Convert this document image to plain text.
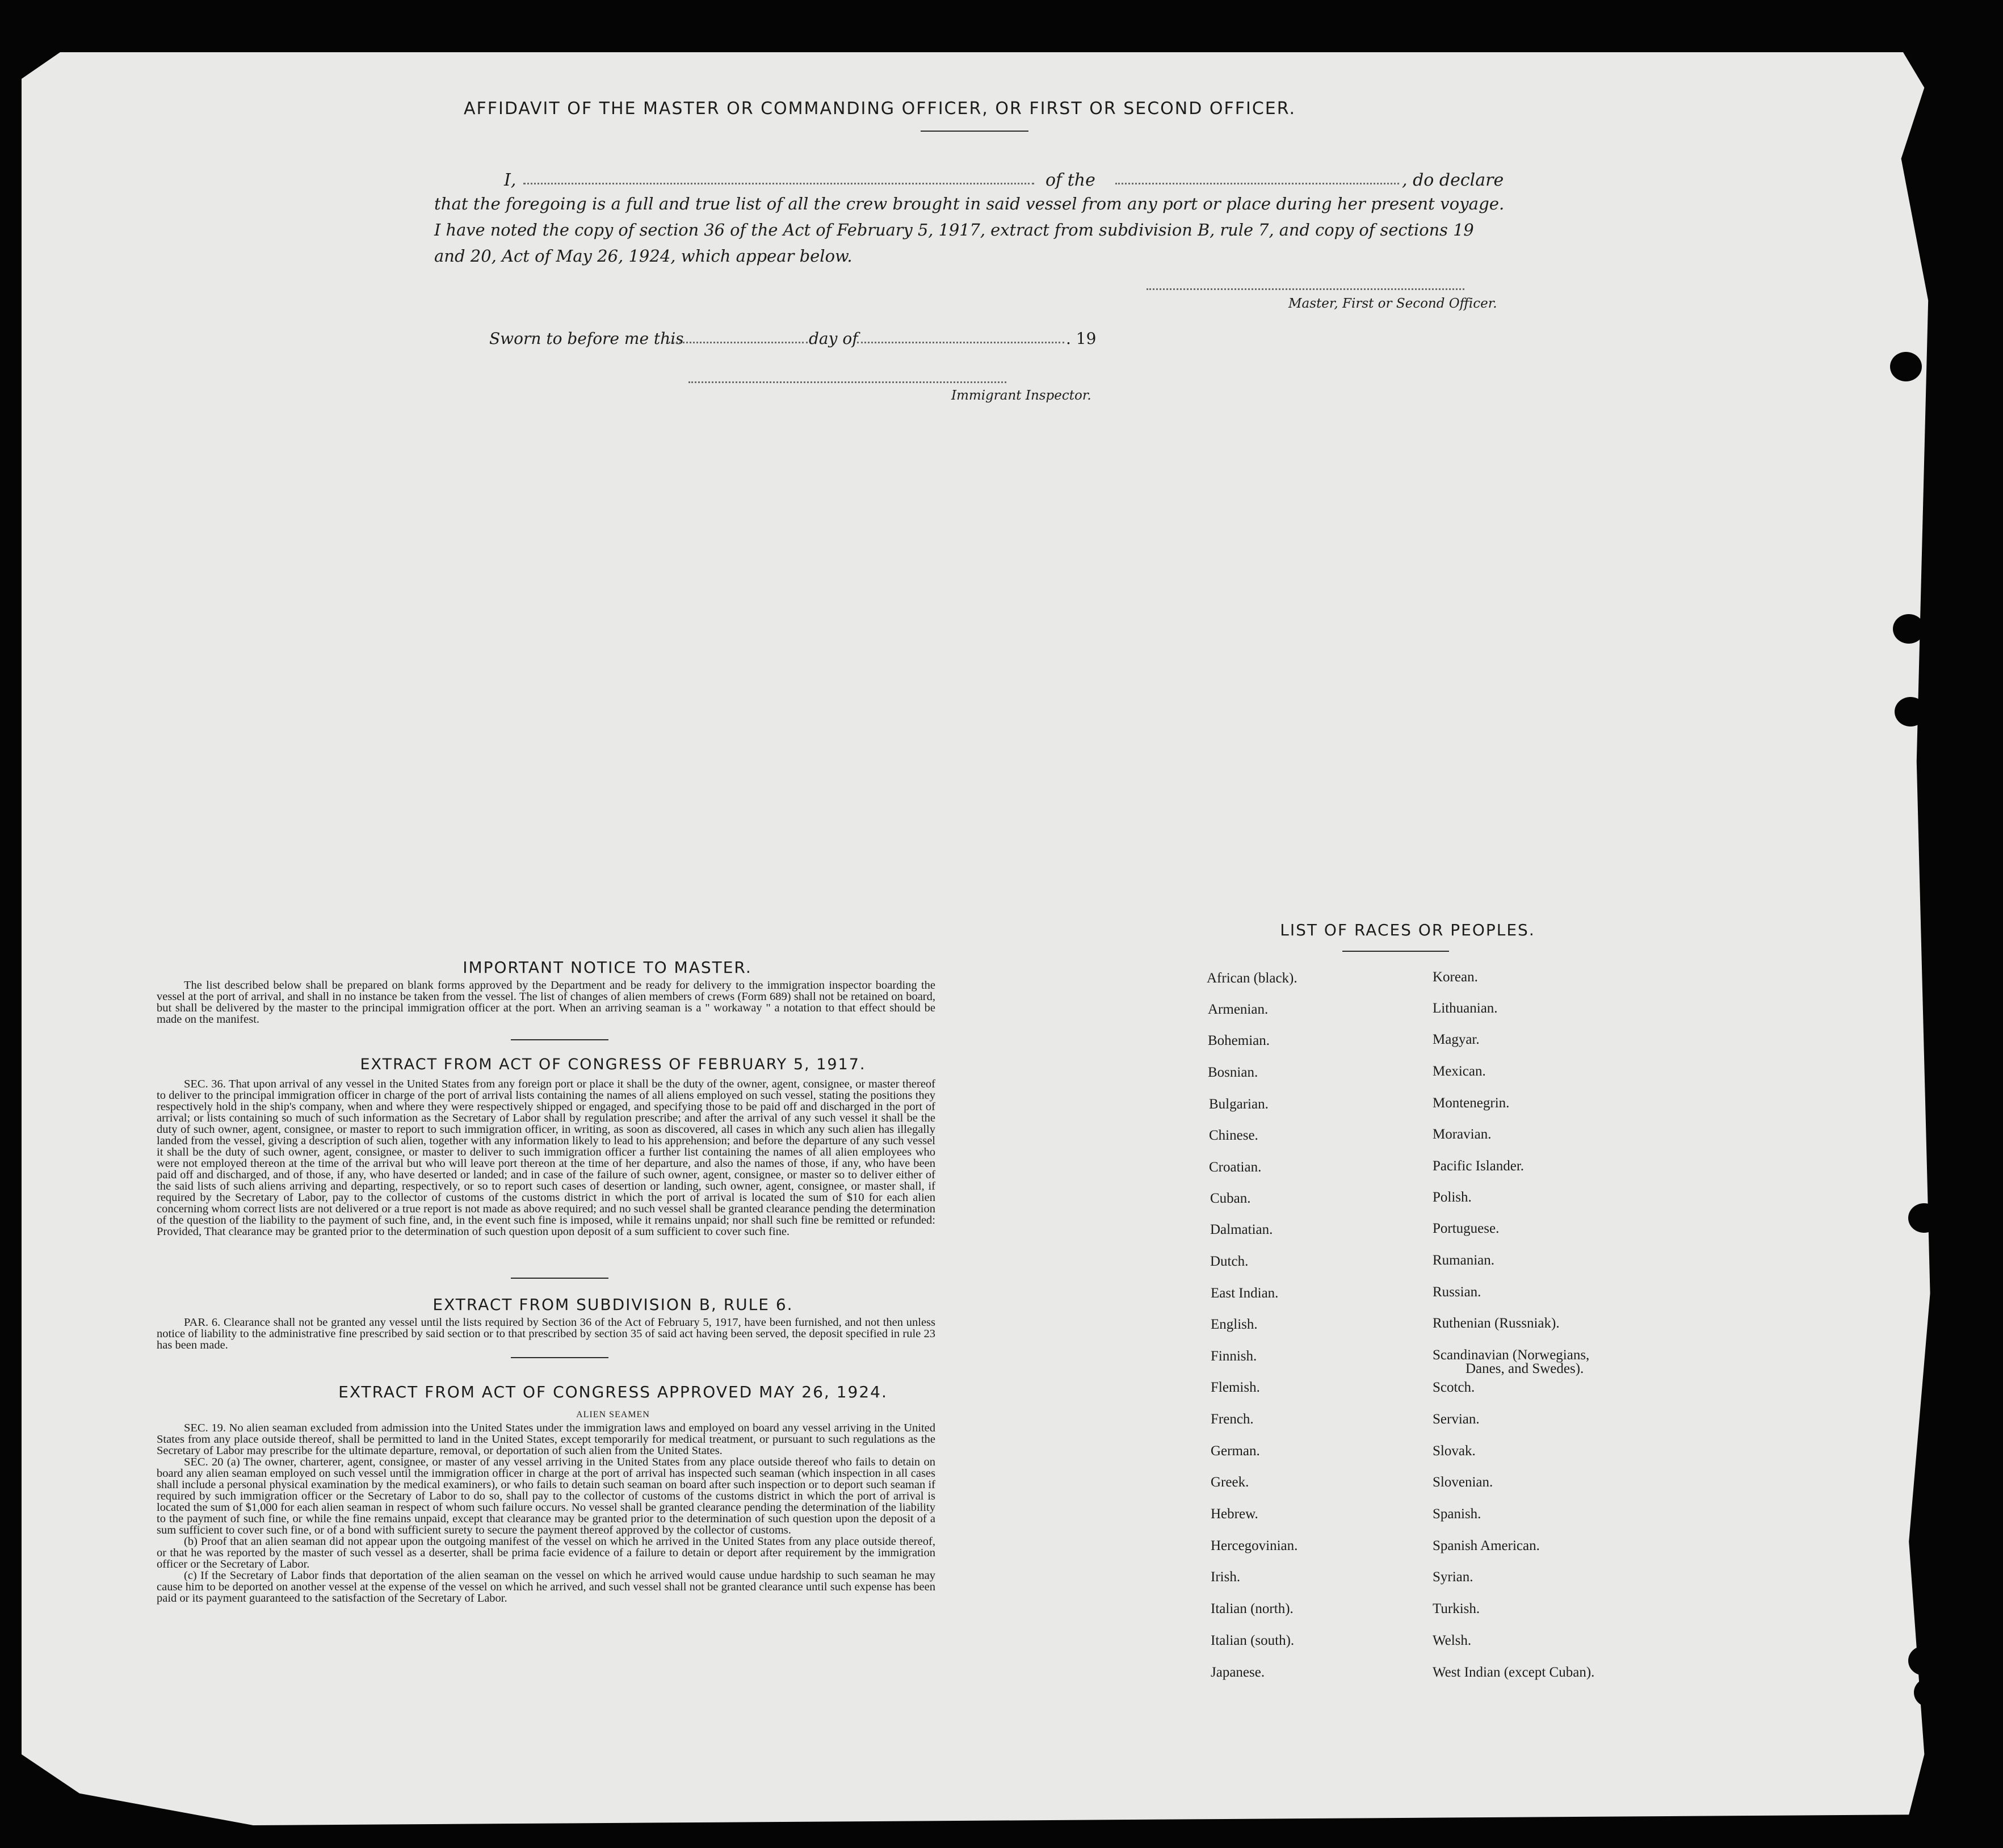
AFFIDAVIT OF THE MASTER OR COMMANDING OFFICER, OR FIRST OR SECOND OFFICER.
I,	of the	, do declare
that the foregoing is a full and true list of all the crew brought in said vessel from any port or place during her present voyage.
I have noted the copy of section 36 of the Act of February 5, 1917, extract from subdivision B, rule 7, and copy of sections 19
and 20, Act of May 26, 1924, which appear below.
Master, First or Second Officer.
Sworn to before me this	day of	. 19
Immigrant Inspector.
IMPORTANT NOTICE TO MASTER.

The list described below shall be prepared on blank forms approved by the Department and be ready for delivery to the immigration inspector boarding the vessel at the port of arrival, and shall in no instance be taken from the vessel. The list of changes of alien members of crews (Form 689) shall not be retained on board, but shall be delivered by the master to the principal immigration officer at the port. When an arriving seaman is a " workaway " a notation to that effect should be made on the manifest.

EXTRACT FROM ACT OF CONGRESS OF FEBRUARY 5, 1917.

SEC. 36. That upon arrival of any vessel in the United States from any foreign port or place it shall be the duty of the owner, agent, consignee, or master thereof to deliver to the principal immigration officer in charge of the port of arrival lists containing the names of all aliens employed on such vessel, stating the positions they respectively hold in the ship's company, when and where they were respectively shipped or engaged, and specifying those to be paid off and discharged in the port of arrival; or lists containing so much of such information as the Secretary of Labor shall by regulation prescribe; and after the arrival of any such vessel it shall be the duty of such owner, agent, consignee, or master to report to such immigration officer, in writing, as soon as discovered, all cases in which any such alien has illegally landed from the vessel, giving a description of such alien, together with any information likely to lead to his apprehension; and before the departure of any such vessel it shall be the duty of such owner, agent, consignee, or master to deliver to such immigration officer a further list containing the names of all alien employees who were not employed thereon at the time of the arrival but who will leave port thereon at the time of her departure, and also the names of those, if any, who have been paid off and discharged, and of those, if any, who have deserted or landed; and in case of the failure of such owner, agent, consignee, or master so to deliver either of the said lists of such aliens arriving and departing, respectively, or so to report such cases of desertion or landing, such owner, agent, consignee, or master shall, if required by the Secretary of Labor, pay to the collector of customs of the customs district in which the port of arrival is located the sum of $10 for each alien concerning whom correct lists are not delivered or a true report is not made as above required; and no such vessel shall be granted clearance pending the determination of the question of the liability to the payment of such fine, and, in the event such fine is imposed, while it remains unpaid; nor shall such fine be remitted or refunded: Provided, That clearance may be granted prior to the determination of such question upon deposit of a sum sufficient to cover such fine.

EXTRACT FROM SUBDIVISION B, RULE 6.

PAR. 6. Clearance shall not be granted any vessel until the lists required by Section 36 of the Act of February 5, 1917, have been furnished, and not then unless notice of liability to the administrative fine prescribed by said section or to that prescribed by section 35 of said act having been served, the deposit specified in rule 23 has been made.

EXTRACT FROM ACT OF CONGRESS APPROVED MAY 26, 1924.
ALIEN SEAMEN

SEC. 19. No alien seaman excluded from admission into the United States under the immigration laws and employed on board any vessel arriving in the United States from any place outside thereof, shall be permitted to land in the United States, except temporarily for medical treatment, or pursuant to such regulations as the Secretary of Labor may prescribe for the ultimate departure, removal, or deportation of such alien from the United States.

SEC. 20 (a) The owner, charterer, agent, consignee, or master of any vessel arriving in the United States from any place outside thereof who fails to detain on board any alien seaman employed on such vessel until the immigration officer in charge at the port of arrival has inspected such seaman (which inspection in all cases shall include a personal physical examination by the medical examiners), or who fails to detain such seaman on board after such inspection or to deport such seaman if required by such immigration officer or the Secretary of Labor to do so, shall pay to the collector of customs of the customs district in which the port of arrival is located the sum of $1,000 for each alien seaman in respect of whom such failure occurs. No vessel shall be granted clearance pending the determination of the liability to the payment of such fine, or while the fine remains unpaid, except that clearance may be granted prior to the determination of such question upon the deposit of a sum sufficient to cover such fine, or of a bond with sufficient surety to secure the payment thereof approved by the collector of customs.

(b) Proof that an alien seaman did not appear upon the outgoing manifest of the vessel on which he arrived in the United States from any place outside thereof, or that he was reported by the master of such vessel as a deserter, shall be prima facie evidence of a failure to detain or deport after requirement by the immigration officer or the Secretary of Labor.

(c) If the Secretary of Labor finds that deportation of the alien seaman on the vessel on which he arrived would cause undue hardship to such seaman he may cause him to be deported on another vessel at the expense of the vessel on which he arrived, and such vessel shall not be granted clearance until such expense has been paid or its payment guaranteed to the satisfaction of the Secretary of Labor.

LIST OF RACES OR PEOPLES.
African (black).
Armenian.
Bohemian.
Bosnian.
Bulgarian.
Chinese.
Croatian.
Cuban.
Dalmatian.
Dutch.
East Indian.
English.
Finnish.
Flemish.
French.
German.
Greek.
Hebrew.
Hercegovinian.
Irish.
Italian (north).
Italian (south).
Japanese.
Korean.
Lithuanian.
Magyar.
Mexican.
Montenegrin.
Moravian.
Pacific Islander.
Polish.
Portuguese.
Rumanian.
Russian.
Ruthenian (Russniak).
Scandinavian (Norwegians,
Danes, and Swedes).
Scotch.
Servian.
Slovak.
Slovenian.
Spanish.
Spanish American.
Syrian.
Turkish.
Welsh.
West Indian (except Cuban).
